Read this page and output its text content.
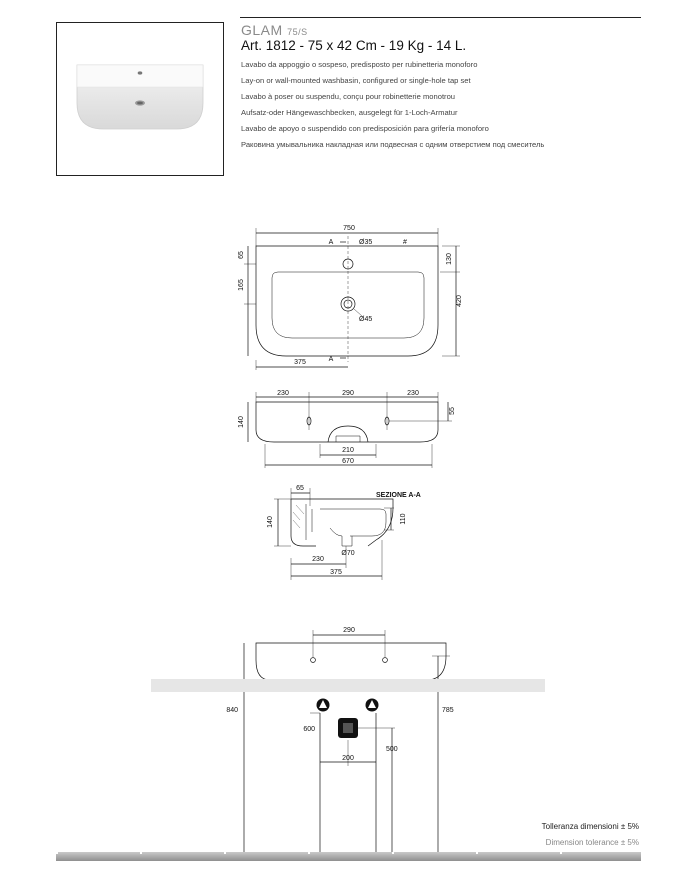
GLAM 75/S
Art. 1812 - 75 x 42 Cm - 19 Kg - 14 L.
Lavabo da appoggio o sospeso, predisposto per rubinetteria monoforo
Lay-on or wall-mounted washbasin, configured or single-hole tap set
Lavabo à poser ou suspendu, conçu pour robinetterie monotrou
Aufsatz-oder Hängewaschbecken, ausgelegt für 1-Loch-Armatur
Lavabo de apoyo o suspendido con predisposición para grifería monoforo
Раковина умывальника накладная или подвесная с одним отверстием под смеситель
750
A	Ø35	#
65
165
130
420
Ø45
375	A
230	290	230
140
55
210
670
65
SEZIONE A-A
140	110
Ø70
230
375
290
840	785
600
500
200
Tolleranza dimensioni ± 5%
Dimension tolerance ± 5%
